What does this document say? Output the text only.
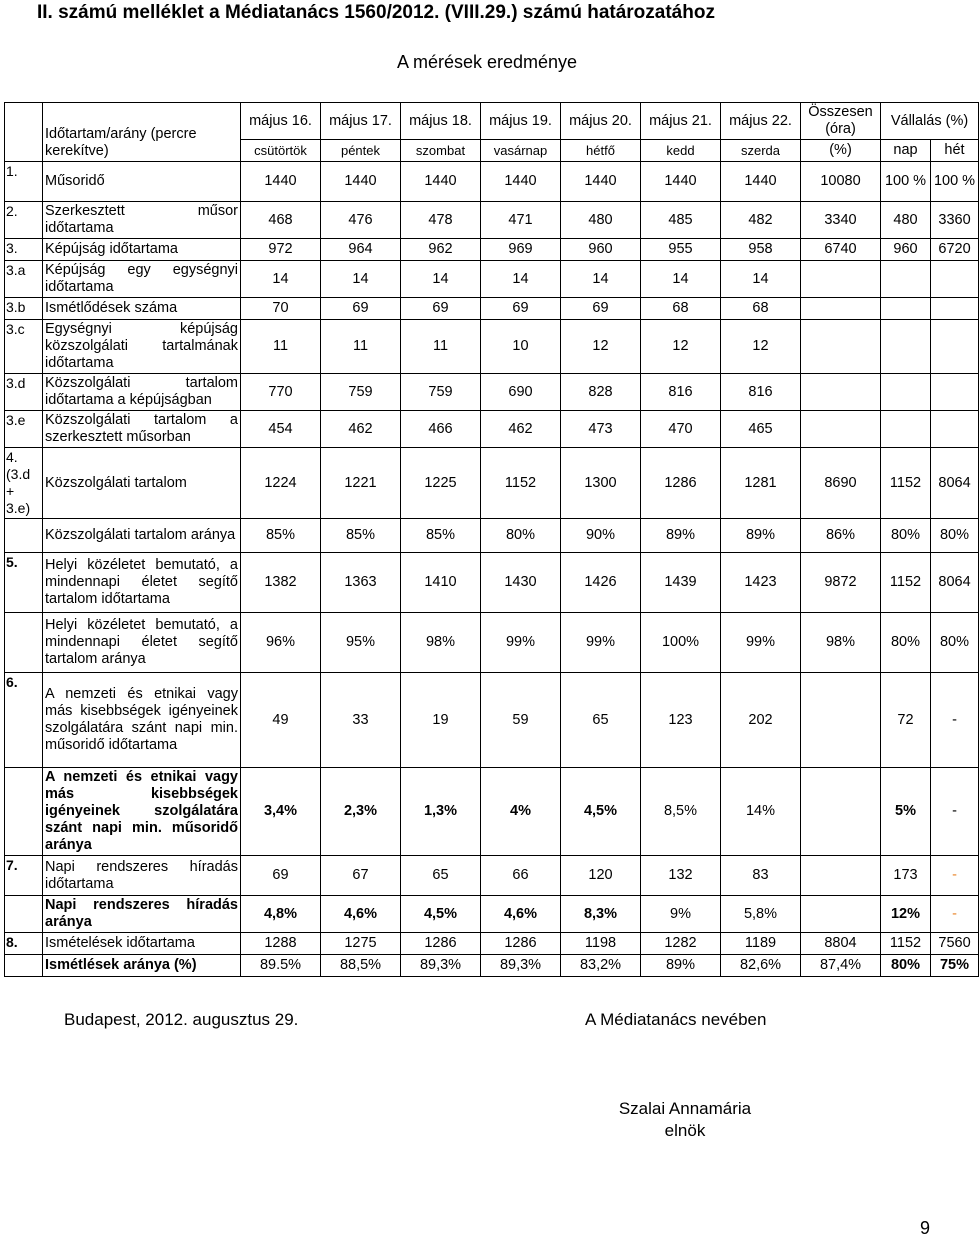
II. számú melléklet a Médiatanács 1560/2012. (VIII.29.) számú határozatához
A mérések eredménye
	Időtartam/arány (percre kerekítve)	május 16.	május 17.	május 18.	május 19.	május 20.	május 21.	május 22.	Összesen (óra)	Vállalás (%)	
		csütörtök	péntek	szombat	vasárnap	hétfő	kedd	szerda	(%)	nap	hét
1.	Műsoridő	1440	1440	1440	1440	1440	1440	1440	10080	100 %	100 %
2.	Szerkesztett műsor időtartama	468	476	478	471	480	485	482	3340	480	3360
3.	Képújság időtartama	972	964	962	969	960	955	958	6740	960	6720
3.a	Képújság egy egységnyi időtartama	14	14	14	14	14	14	14			
3.b	Ismétlődések száma	70	69	69	69	69	68	68			
3.c	Egységnyi képújság közszolgálati tartalmának időtartama	11	11	11	10	12	12	12			
3.d	Közszolgálati tartalom időtartama a képújságban	770	759	759	690	828	816	816			
3.e	Közszolgálati tartalom a szerkesztett műsorban	454	462	466	462	473	470	465			
4. (3.d + 3.e)	Közszolgálati tartalom	1224	1221	1225	1152	1300	1286	1281	8690	1152	8064
	Közszolgálati tartalom aránya	85%	85%	85%	80%	90%	89%	89%	86%	80%	80%
5.	Helyi közéletet bemutató, a mindennapi életet segítő tartalom időtartama	1382	1363	1410	1430	1426	1439	1423	9872	1152	8064
	Helyi közéletet bemutató, a mindennapi életet segítő tartalom aránya	96%	95%	98%	99%	99%	100%	99%	98%	80%	80%
6.	A nemzeti és etnikai vagy más kisebbségek igényeinek szolgálatára szánt napi min. műsoridő időtartama	49	33	19	59	65	123	202		72	-
	A nemzeti és etnikai vagy más kisebbségek igényeinek szolgálatára szánt napi min. műsoridő aránya	3,4%	2,3%	1,3%	4%	4,5%	8,5%	14%		5%	-
7.	Napi rendszeres híradás időtartama	69	67	65	66	120	132	83		173	-
	Napi rendszeres híradás aránya	4,8%	4,6%	4,5%	4,6%	8,3%	9%	5,8%		12%	-
8.	Ismételések időtartama	1288	1275	1286	1286	1198	1282	1189	8804	1152	7560
	Ismétlések aránya (%)	89.5%	88,5%	89,3%	89,3%	83,2%	89%	82,6%	87,4%	80%	75%
Budapest, 2012. augusztus 29.	A Médiatanács nevében
Szalai Annamária
elnök
9
